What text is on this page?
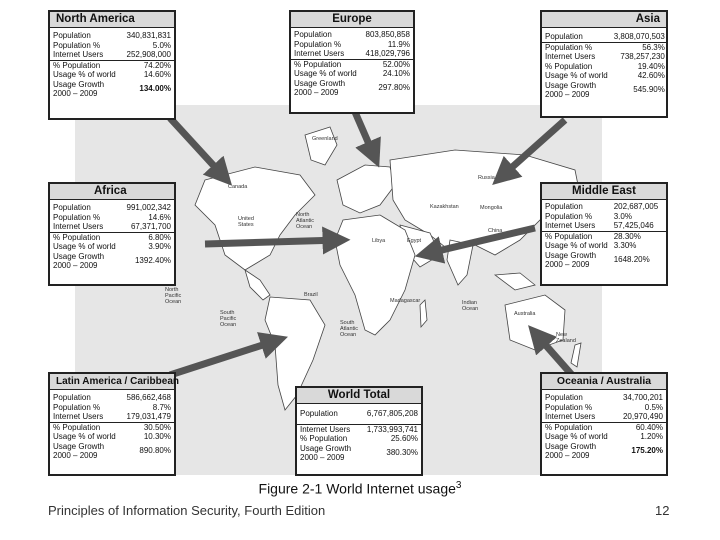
Greenland
Canada
United States
North Atlantic Ocean
North Pacific Ocean
South Pacific Ocean	South Atlantic Ocean
Indian Ocean
Russia
Kazakhstan	Mongolia
China
Brazil
Australia
New Zealand
Libya	Egypt
Madagascar
North America
Population	340,831,831
Population %	5.0%
Internet Users	252,908,000
% Population	74.20%
Usage % of world	14.60%
Usage Growth 2000 – 2009	134.00%
Europe
Population	803,850,858
Population %	11.9%
Internet Users	418,029,796
% Population	52.00%
Usage % of world	24.10%
Usage Growth 2000 – 2009	297.80%
Asia
Population	3,808,070,503
Population %	56.3%
Internet Users	738,257,230
% Population	19.40%
Usage % of world	42.60%
Usage Growth 2000 – 2009	545.90%
Africa
Population	991,002,342
Population %	14.6%
Internet Users	67,371,700
% Population	6.80%
Usage % of world	3.90%
Usage Growth 2000 – 2009	1392.40%
Middle East
Population	202,687,005
Population %	3.0%
Internet Users	57,425,046
% Population	28.30%
Usage % of world	3.30%
Usage Growth 2000 – 2009	1648.20%
Latin America / Caribbean
Population	586,662,468
Population %	8.7%
Internet Users	179,031,479
% Population	30.50%
Usage % of world	10.30%
Usage Growth 2000 – 2009	890.80%
World Total
Population	6,767,805,208
Internet Users	1,733,993,741
% Population	25.60%
Usage Growth 2000 – 2009	380.30%
Oceania / Australia
Population	34,700,201
Population %	0.5%
Internet Users	20,970,490
% Population	60.40%
Usage % of world	1.20%
Usage Growth 2000 – 2009	175.20%
Figure 2-1 World Internet usage$^3$
Principles of Information Security, Fourth Edition	12
